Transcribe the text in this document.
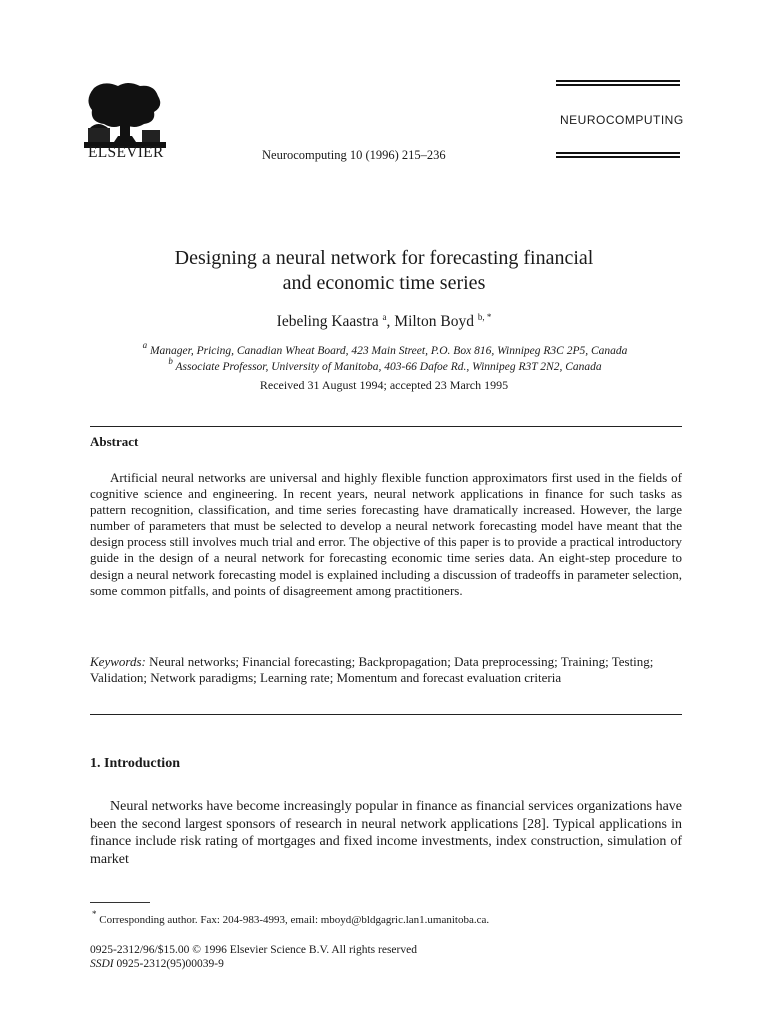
ELSEVIER	Neurocomputing 10 (1996) 215–236
NEUROCOMPUTING
Designing a neural network for forecasting financial
and economic time series
Iebeling Kaastra $^a$, Milton Boyd $^{b, *}$
$^a$ Manager, Pricing, Canadian Wheat Board, 423 Main Street, P.O. Box 816, Winnipeg R3C 2P5, Canada
$^b$ Associate Professor, University of Manitoba, 403-66 Dafoe Rd., Winnipeg R3T 2N2, Canada
Received 31 August 1994; accepted 23 March 1995
Abstract

Artificial neural networks are universal and highly flexible function approximators first used in the fields of cognitive science and engineering. In recent years, neural network applications in finance for such tasks as pattern recognition, classification, and time series forecasting have dramatically increased. However, the large number of parameters that must be selected to develop a neural network forecasting model have meant that the design process still involves much trial and error. The objective of this paper is to provide a practical introductory guide in the design of a neural network for forecasting economic time series data. An eight-step procedure to design a neural network forecasting model is explained including a discussion of tradeoffs in parameter selection, some common pitfalls, and points of disagreement among practitioners.

Keywords: Neural networks; Financial forecasting; Backpropagation; Data preprocessing; Training; Testing; Validation; Network paradigms; Learning rate; Momentum and forecast evaluation criteria
1. Introduction

Neural networks have become increasingly popular in finance as financial services organizations have been the second largest sponsors of research in neural network applications [28]. Typical applications in finance include risk rating of mortgages and fixed income investments, index construction, simulation of market

* Corresponding author. Fax: 204-983-4993, email: mboyd@bldgagric.lan1.umanitoba.ca.
0925-2312/96/$15.00 © 1996 Elsevier Science B.V. All rights reserved
SSDI 0925-2312(95)00039-9
